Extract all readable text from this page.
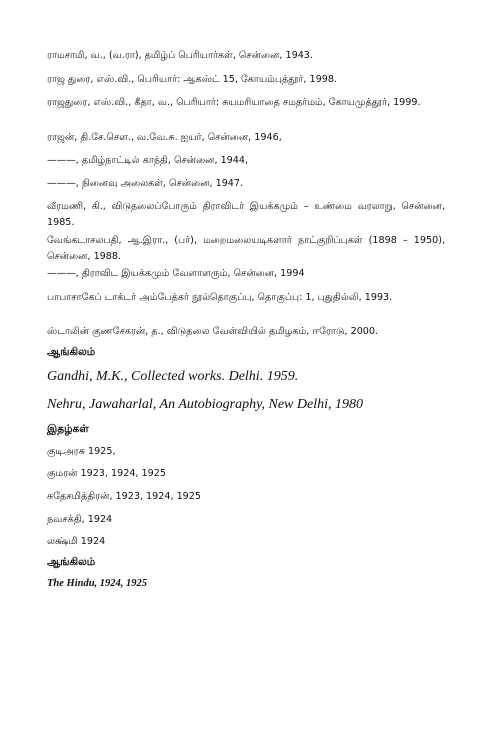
ராமசாமி, வ., (வ.ரா), தமிழ்ப் பெரியார்கள், சென்னை, 1943.
ராஜ துரை, எஸ்.வி., பெரியார்: ஆகஸ்ட் 15, கோயம்புத்தூர், 1998.
ராஜதுரை, எஸ்.வி., கீதா, வ., பெரியார்: சுயமரியாதை சமதர்மம், கோயமுத்தூர், 1999.
ராஜன், தி.சே.செள., வ.வே.சு. ஐயர், சென்னை, 1946,
———, தமிழ்நாட்டில் காந்தி, சென்னை, 1944,
———, நினைவு அலைகள், சென்னை, 1947.
வீரமணி, கி., விடுதலைப்போரும் திராவிடர் இயக்கமும் – உண்மை வரலாறு, சென்னை, 1985.
வேங்கடாசலபதி, ஆ.இரா., (பர்), மறைமலையடிகளார் நாட்குறிப்புகள் (1898 – 1950), சென்னை, 1988.
———, திராவிட இயக்கமும் வேளாளரும், சென்னை, 1994
பாபாசாகேப் டாக்டர் அம்பேத்கர் நூல்தொகுப்பு, தொகுப்பு: 1, புதுதில்லி, 1993.
ஸ்டாலின் குணசேகரன், த., விடுதலை வேள்வியில் தமிழகம், ஈரோடு, 2000.
ஆங்கிலம்
Gandhi, M.K., Collected works. Delhi. 1959.
Nehru, Jawaharlal, An Autobiography, New Delhi, 1980
இதழ்கள்
குடிஅரசு 1925,
குமரன் 1923, 1924, 1925
சுதேசமித்திரன், 1923, 1924, 1925
நவசக்தி, 1924
லக்ஷ்மி 1924
ஆங்கிலம்
The Hindu, 1924, 1925
